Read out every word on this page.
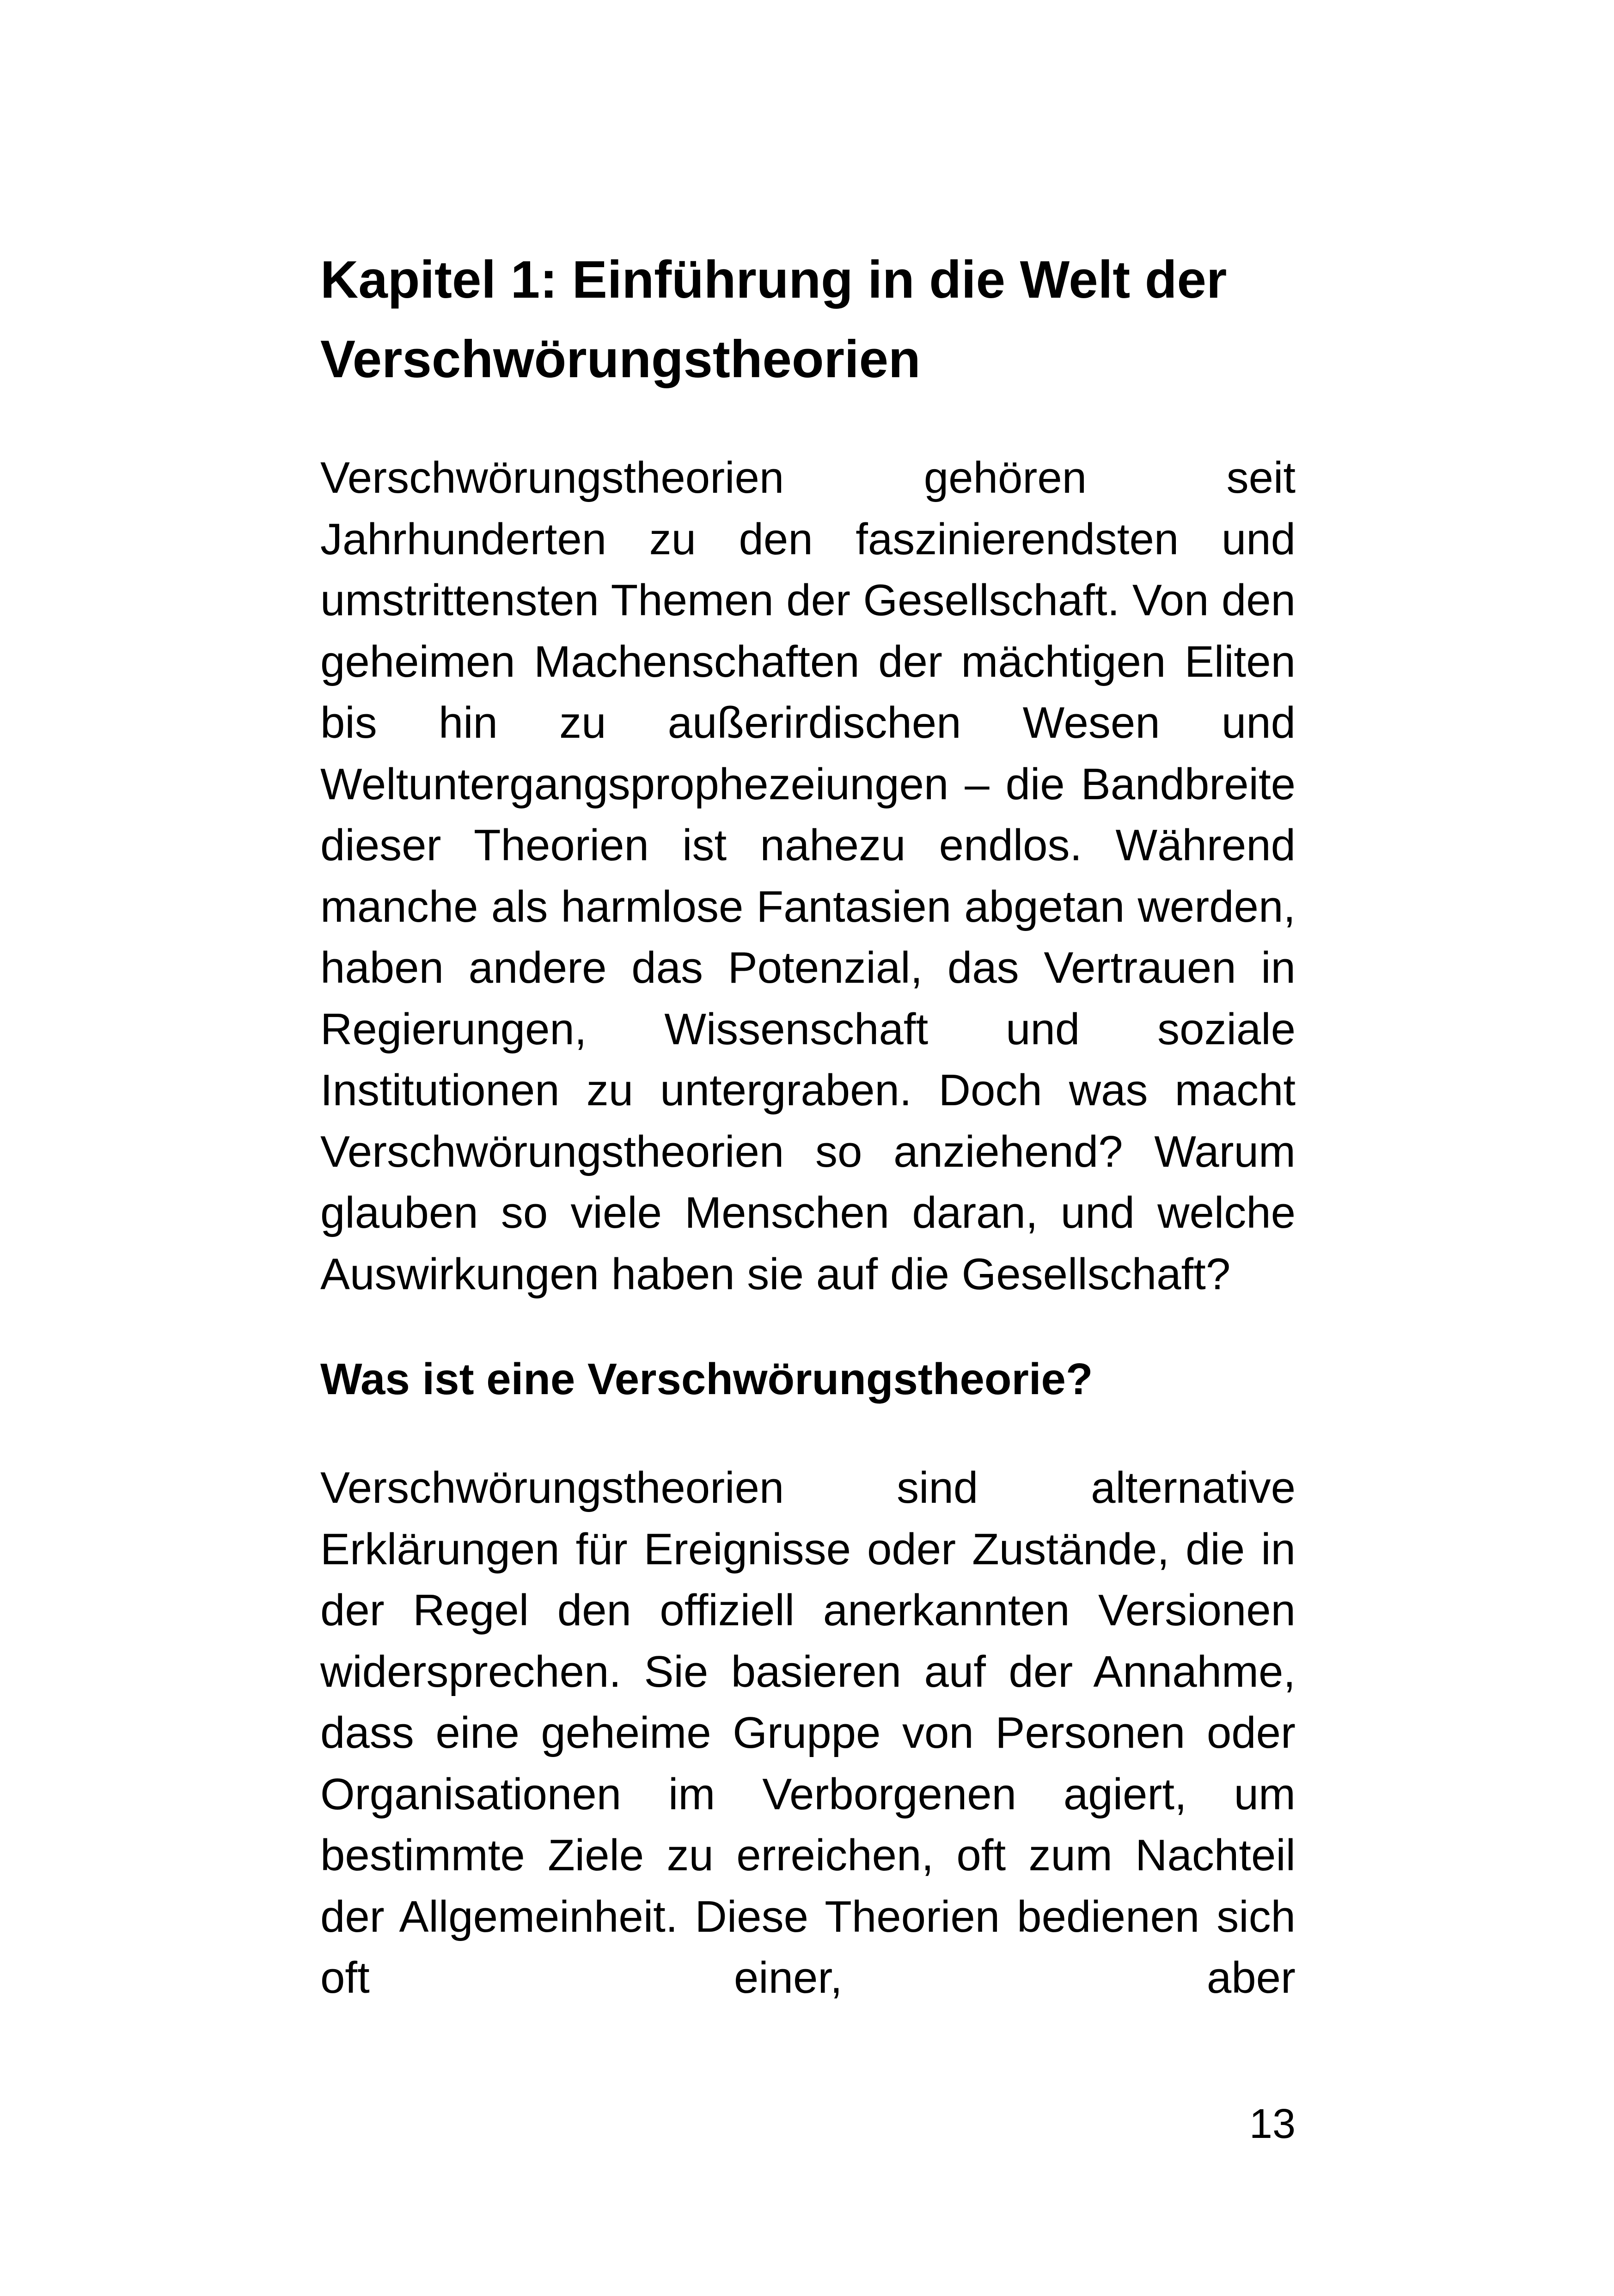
Kapitel 1: Einführung in die Welt der
Verschwörungstheorien

Verschwörungstheorien gehören seit Jahrhunderten zu den faszinierendsten und umstrittensten Themen der Gesellschaft. Von den geheimen Machenschaften der mächtigen Eliten bis hin zu außerirdischen Wesen und Weltuntergangsprophezeiungen – die Bandbreite dieser Theorien ist nahezu endlos. Während manche als harmlose Fantasien abgetan werden, haben andere das Potenzial, das Vertrauen in Regierungen, Wissenschaft und soziale Institutionen zu untergraben. Doch was macht Verschwörungstheorien so anziehend? Warum glauben so viele Menschen daran, und welche Auswirkungen haben sie auf die Gesellschaft?

Was ist eine Verschwörungstheorie?

Verschwörungstheorien sind alternative Erklärungen für Ereignisse oder Zustände, die in der Regel den offiziell anerkannten Versionen widersprechen. Sie basieren auf der Annahme, dass eine geheime Gruppe von Personen oder Organisationen im Verborgenen agiert, um bestimmte Ziele zu erreichen, oft zum Nachteil der Allgemeinheit. Diese Theorien bedienen sich oft einer, aber

13
